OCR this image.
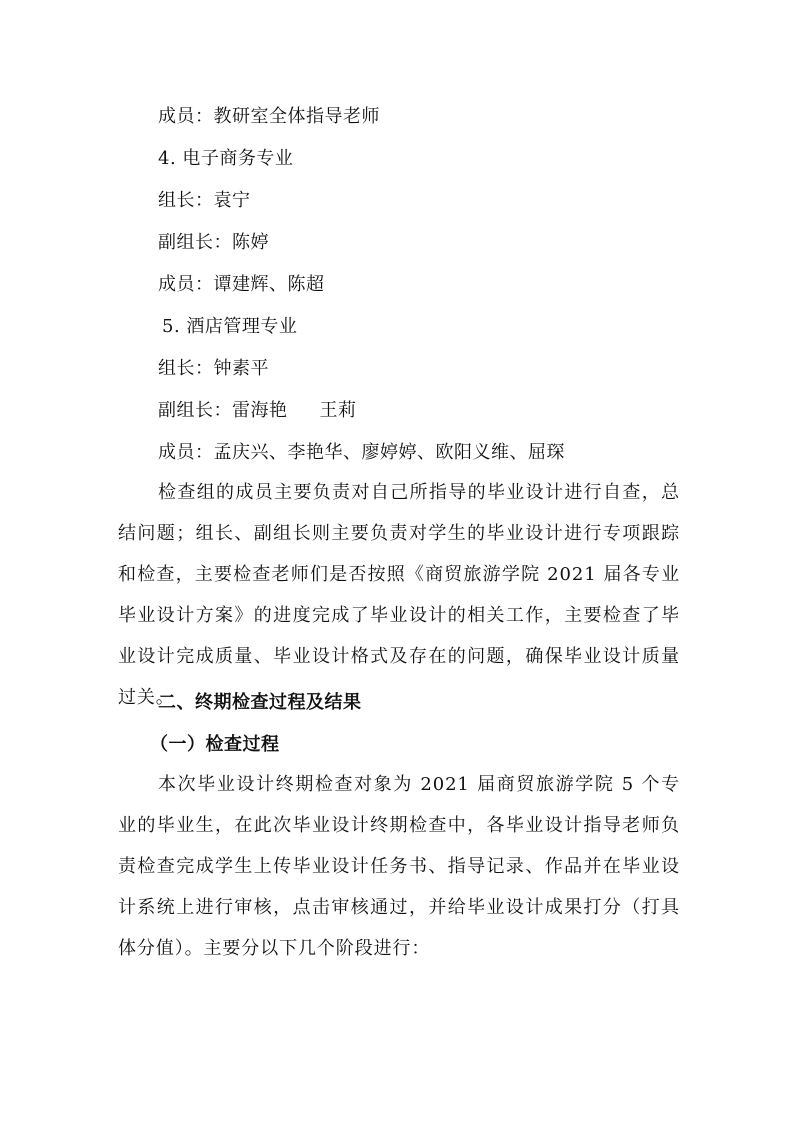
成员：教研室全体指导老师
4. 电子商务专业
组长：袁宁
副组长：陈婷
成员：谭建辉、陈超
5. 酒店管理专业
组长：钟素平
副组长：雷海艳 王莉
成员：孟庆兴、李艳华、廖婷婷、欧阳义维、屈琛

检查组的成员主要负责对自己所指导的毕业设计进行自查，总结问题；组长、副组长则主要负责对学生的毕业设计进行专项跟踪和检查，主要检查老师们是否按照《商贸旅游学院 2021 届各专业毕业设计方案》的进度完成了毕业设计的相关工作，主要检查了毕业设计完成质量、毕业设计格式及存在的问题，确保毕业设计质量过关。

二、终期检查过程及结果
（一）检查过程

本次毕业设计终期检查对象为 2021 届商贸旅游学院 5 个专业的毕业生，在此次毕业设计终期检查中，各毕业设计指导老师负责检查完成学生上传毕业设计任务书、指导记录、作品并在毕业设计系统上进行审核，点击审核通过，并给毕业设计成果打分（打具体分值）。主要分以下几个阶段进行：
